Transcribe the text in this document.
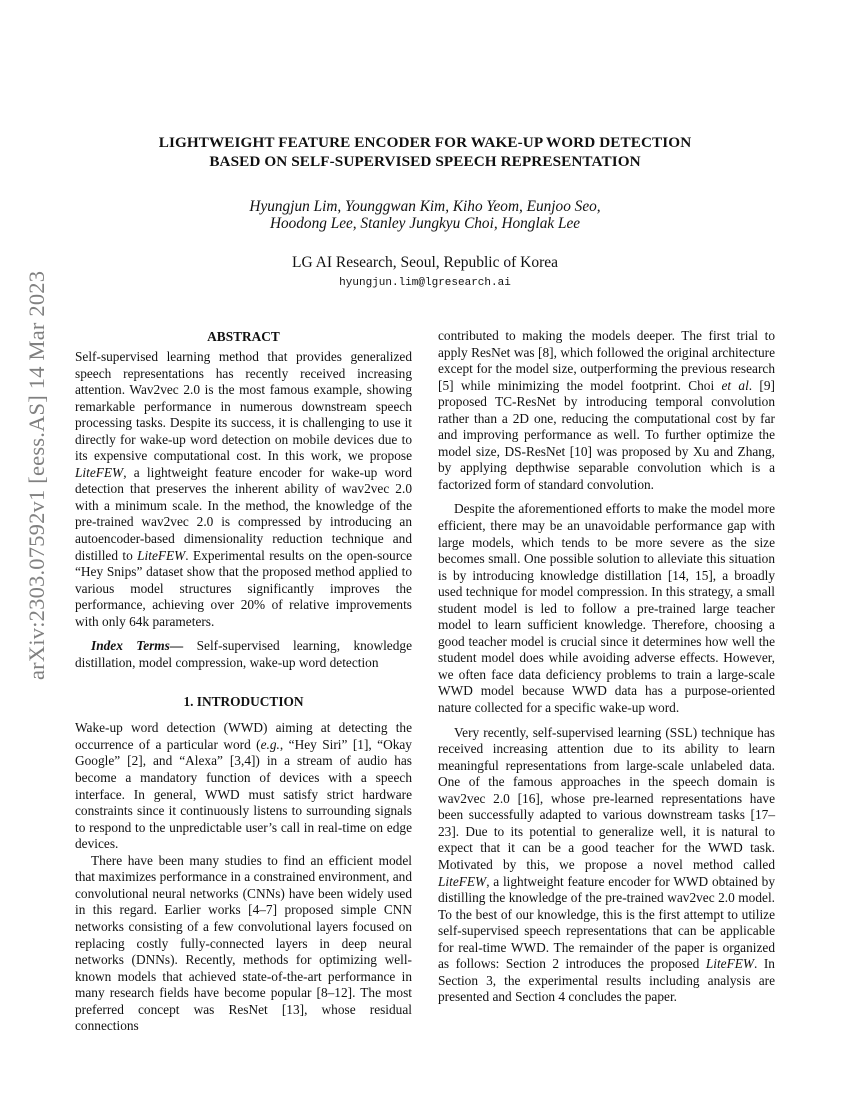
arXiv:2303.07592v1 [eess.AS] 14 Mar 2023
LIGHTWEIGHT FEATURE ENCODER FOR WAKE-UP WORD DETECTION
BASED ON SELF-SUPERVISED SPEECH REPRESENTATION
Hyungjun Lim, Younggwan Kim, Kiho Yeom, Eunjoo Seo,
Hoodong Lee, Stanley Jungkyu Choi, Honglak Lee
LG AI Research, Seoul, Republic of Korea
hyungjun.lim@lgresearch.ai
ABSTRACT

Self-supervised learning method that provides generalized speech representations has recently received increasing attention. Wav2vec 2.0 is the most famous example, showing remarkable performance in numerous downstream speech processing tasks. Despite its success, it is challenging to use it directly for wake-up word detection on mobile devices due to its expensive computational cost. In this work, we propose LiteFEW, a lightweight feature encoder for wake-up word detection that preserves the inherent ability of wav2vec 2.0 with a minimum scale. In the method, the knowledge of the pre-trained wav2vec 2.0 is compressed by introducing an autoencoder-based dimensionality reduction technique and distilled to LiteFEW. Experimental results on the open-source “Hey Snips” dataset show that the proposed method applied to various model structures significantly improves the performance, achieving over 20% of relative improvements with only 64k parameters.

Index Terms— Self-supervised learning, knowledge distillation, model compression, wake-up word detection

1. INTRODUCTION

Wake-up word detection (WWD) aiming at detecting the occurrence of a particular word (e.g., “Hey Siri” [1], “Okay Google” [2], and “Alexa” [3,4]) in a stream of audio has become a mandatory function of devices with a speech interface. In general, WWD must satisfy strict hardware constraints since it continuously listens to surrounding signals to respond to the unpredictable user’s call in real-time on edge devices.

There have been many studies to find an efficient model that maximizes performance in a constrained environment, and convolutional neural networks (CNNs) have been widely used in this regard. Earlier works [4–7] proposed simple CNN networks consisting of a few convolutional layers focused on replacing costly fully-connected layers in deep neural networks (DNNs). Recently, methods for optimizing well-known models that achieved state-of-the-art performance in many research fields have become popular [8–12]. The most preferred concept was ResNet [13], whose residual connections

contributed to making the models deeper. The first trial to apply ResNet was [8], which followed the original architecture except for the model size, outperforming the previous research [5] while minimizing the model footprint. Choi et al. [9] proposed TC-ResNet by introducing temporal convolution rather than a 2D one, reducing the computational cost by far and improving performance as well. To further optimize the model size, DS-ResNet [10] was proposed by Xu and Zhang, by applying depthwise separable convolution which is a factorized form of standard convolution.

Despite the aforementioned efforts to make the model more efficient, there may be an unavoidable performance gap with large models, which tends to be more severe as the size becomes small. One possible solution to alleviate this situation is by introducing knowledge distillation [14, 15], a broadly used technique for model compression. In this strategy, a small student model is led to follow a pre-trained large teacher model to learn sufficient knowledge. Therefore, choosing a good teacher model is crucial since it determines how well the student model does while avoiding adverse effects. However, we often face data deficiency problems to train a large-scale WWD model because WWD data has a purpose-oriented nature collected for a specific wake-up word.

Very recently, self-supervised learning (SSL) technique has received increasing attention due to its ability to learn meaningful representations from large-scale unlabeled data. One of the famous approaches in the speech domain is wav2vec 2.0 [16], whose pre-learned representations have been successfully adapted to various downstream tasks [17–23]. Due to its potential to generalize well, it is natural to expect that it can be a good teacher for the WWD task. Motivated by this, we propose a novel method called LiteFEW, a lightweight feature encoder for WWD obtained by distilling the knowledge of the pre-trained wav2vec 2.0 model. To the best of our knowledge, this is the first attempt to utilize self-supervised speech representations that can be applicable for real-time WWD. The remainder of the paper is organized as follows: Section 2 introduces the proposed LiteFEW. In Section 3, the experimental results including analysis are presented and Section 4 concludes the paper.
